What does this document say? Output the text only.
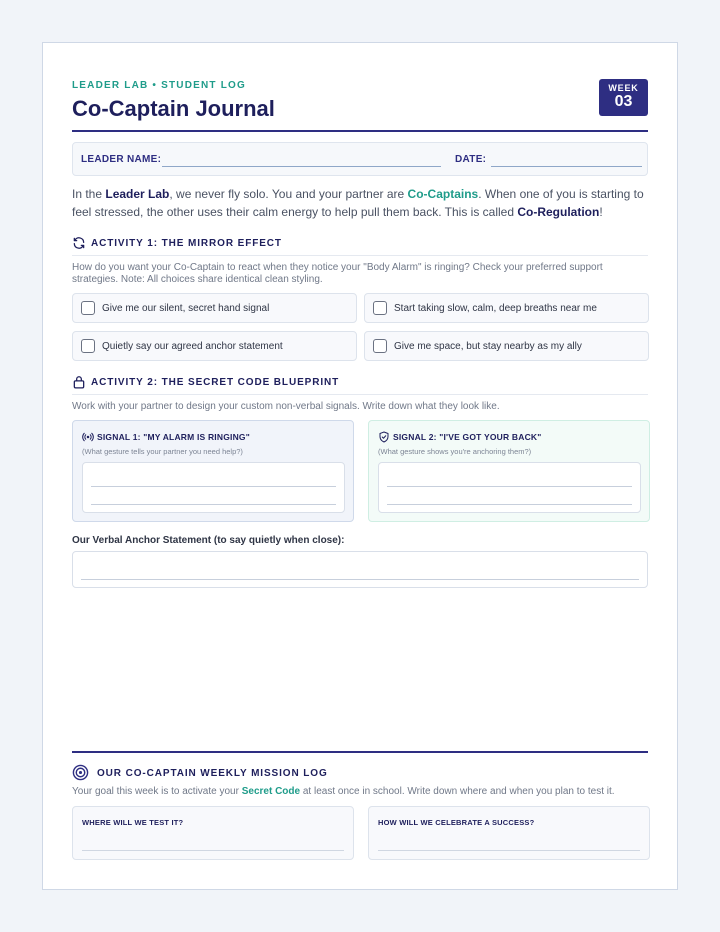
LEADER LAB • STUDENT LOG
Co-Captain Journal
WEEK
03
LEADER NAME:	DATE:

In the Leader Lab, we never fly solo. You and your partner are Co-Captains. When one of you is starting to feel stressed, the other uses their calm energy to help pull them back. This is called Co-Regulation!

ACTIVITY 1: THE MIRROR EFFECT

How do you want your Co-Captain to react when they notice your "Body Alarm" is ringing? Check your preferred support strategies. Note: All choices share identical clean styling.

Give me our silent, secret hand signal	Start taking slow, calm, deep breaths near me
Quietly say our agreed anchor statement	Give me space, but stay nearby as my ally
ACTIVITY 2: THE SECRET CODE BLUEPRINT

Work with your partner to design your custom non-verbal signals. Write down what they look like.

SIGNAL 1: "MY ALARM IS RINGING"
(What gesture tells your partner you need help?)
SIGNAL 2: "I'VE GOT YOUR BACK"
(What gesture shows you're anchoring them?)
Our Verbal Anchor Statement (to say quietly when close):
OUR CO-CAPTAIN WEEKLY MISSION LOG

Your goal this week is to activate your Secret Code at least once in school. Write down where and when you plan to test it.

WHERE WILL WE TEST IT?	HOW WILL WE CELEBRATE A SUCCESS?
